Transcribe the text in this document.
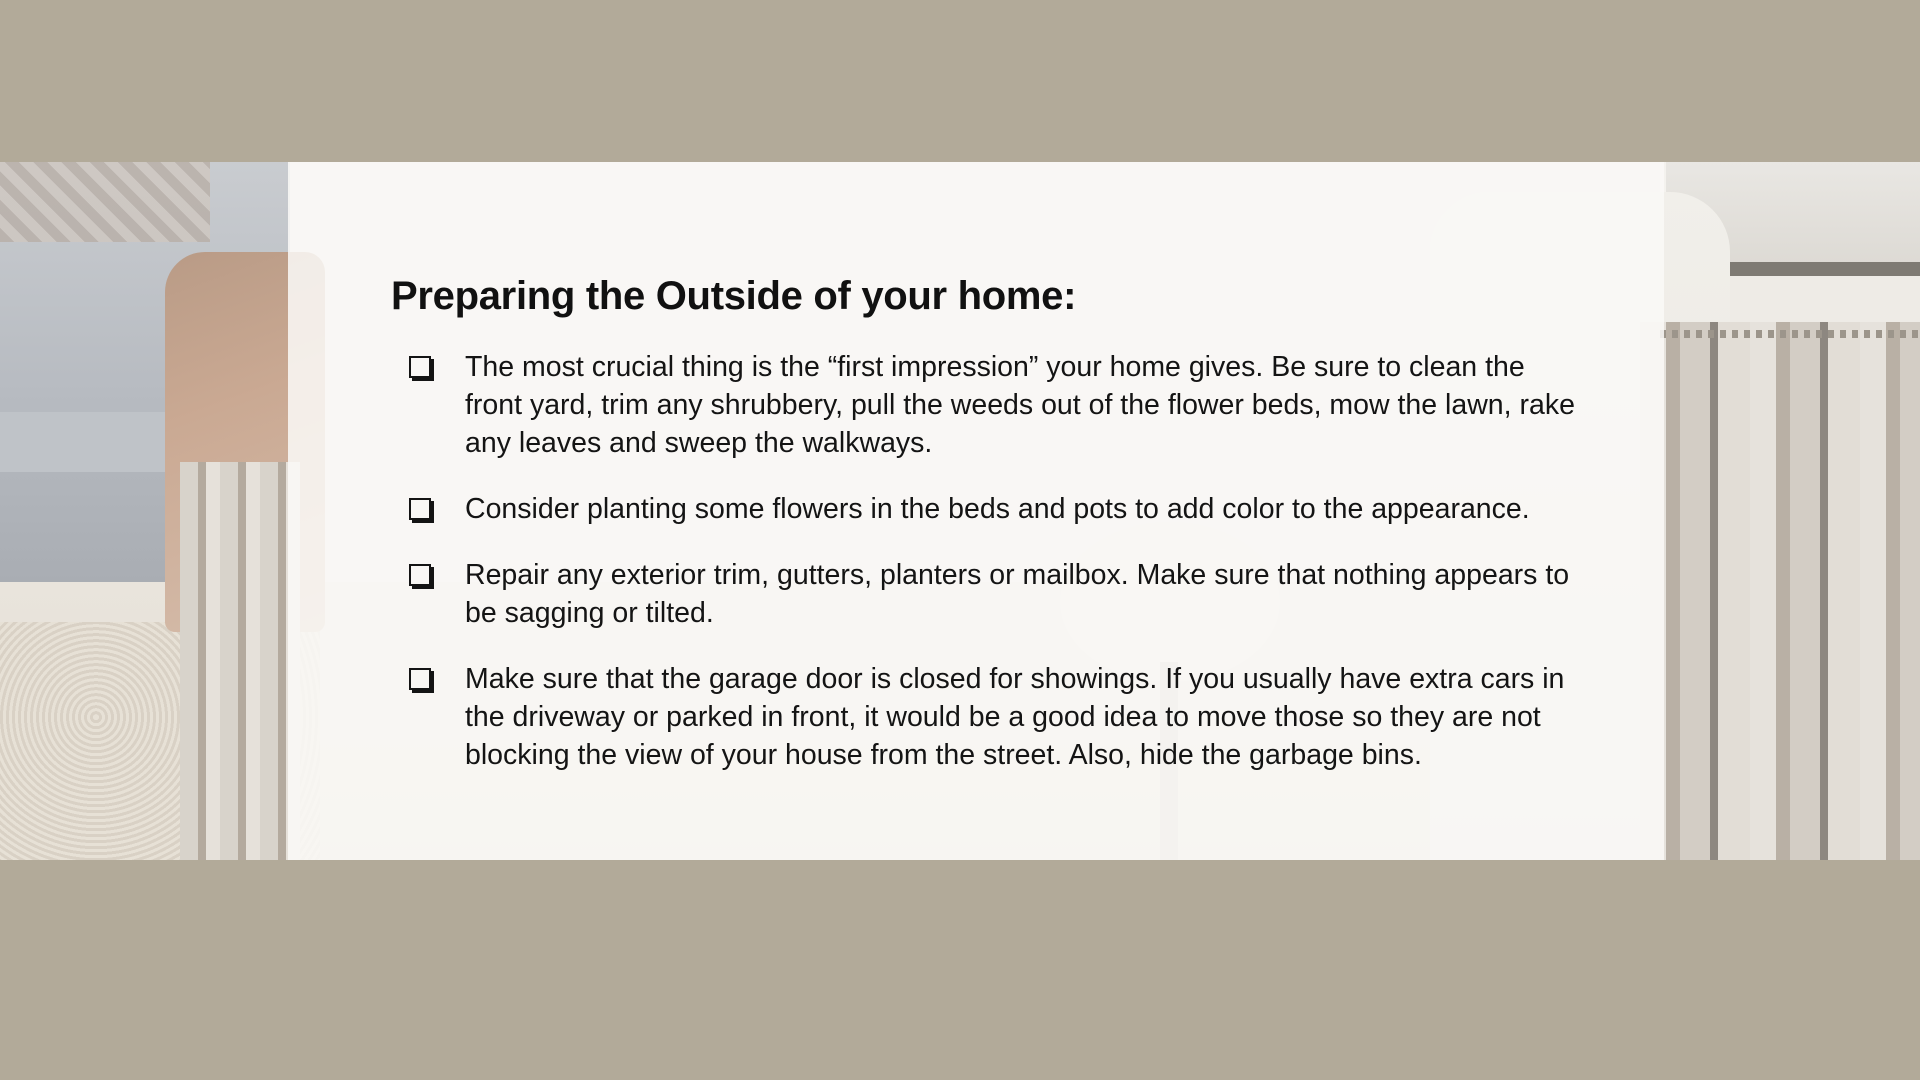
Preparing the Outside of your home:
The most crucial thing is the “first impression” your home gives. Be sure to clean the front yard, trim any shrubbery, pull the weeds out of the flower beds, mow the lawn, rake any leaves and sweep the walkways.
Consider planting some flowers in the beds and pots to add color to the appearance.
Repair any exterior trim, gutters, planters or mailbox. Make sure that nothing appears to be sagging or tilted.
Make sure that the garage door is closed for showings. If you usually have extra cars in the driveway or parked in front, it would be a good idea to move those so they are not blocking the view of your house from the street. Also, hide the garbage bins.
